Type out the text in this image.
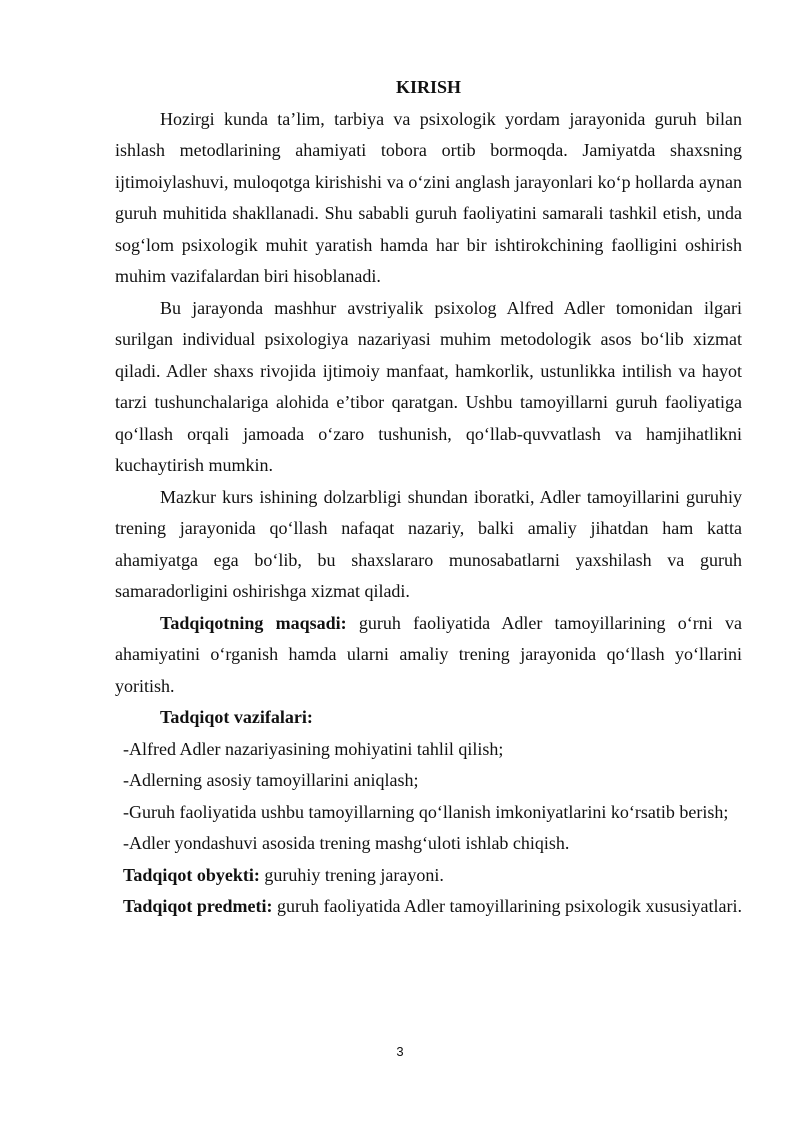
KIRISH

Hozirgi kunda ta’lim, tarbiya va psixologik yordam jarayonida guruh bilan ishlash metodlarining ahamiyati tobora ortib bormoqda. Jamiyatda shaxsning ijtimoiylashuvi, muloqotga kirishishi va o‘zini anglash jarayonlari ko‘p hollarda aynan guruh muhitida shakllanadi. Shu sababli guruh faoliyatini samarali tashkil etish, unda sog‘lom psixologik muhit yaratish hamda har bir ishtirokchining faolligini oshirish muhim vazifalardan biri hisoblanadi.

Bu jarayonda mashhur avstriyalik psixolog Alfred Adler tomonidan ilgari surilgan individual psixologiya nazariyasi muhim metodologik asos bo‘lib xizmat qiladi. Adler shaxs rivojida ijtimoiy manfaat, hamkorlik, ustunlikka intilish va hayot tarzi tushunchalariga alohida e’tibor qaratgan. Ushbu tamoyillarni guruh faoliyatiga qo‘llash orqali jamoada o‘zaro tushunish, qo‘llab-quvvatlash va hamjihatlikni kuchaytirish mumkin.

Mazkur kurs ishining dolzarbligi shundan iboratki, Adler tamoyillarini guruhiy trening jarayonida qo‘llash nafaqat nazariy, balki amaliy jihatdan ham katta ahamiyatga ega bo‘lib, bu shaxslararo munosabatlarni yaxshilash va guruh samaradorligini oshirishga xizmat qiladi.

Tadqiqotning maqsadi: guruh faoliyatida Adler tamoyillarining o‘rni va ahamiyatini o‘rganish hamda ularni amaliy trening jarayonida qo‘llash yo‘llarini yoritish.

Tadqiqot vazifalari:

-Alfred Adler nazariyasining mohiyatini tahlil qilish;

-Adlerning asosiy tamoyillarini aniqlash;

-Guruh faoliyatida ushbu tamoyillarning qo‘llanish imkoniyatlarini ko‘rsatib berish;

-Adler yondashuvi asosida trening mashg‘uloti ishlab chiqish.

Tadqiqot obyekti: guruhiy trening jarayoni.

Tadqiqot predmeti: guruh faoliyatida Adler tamoyillarining psixologik xususiyatlari.

3
